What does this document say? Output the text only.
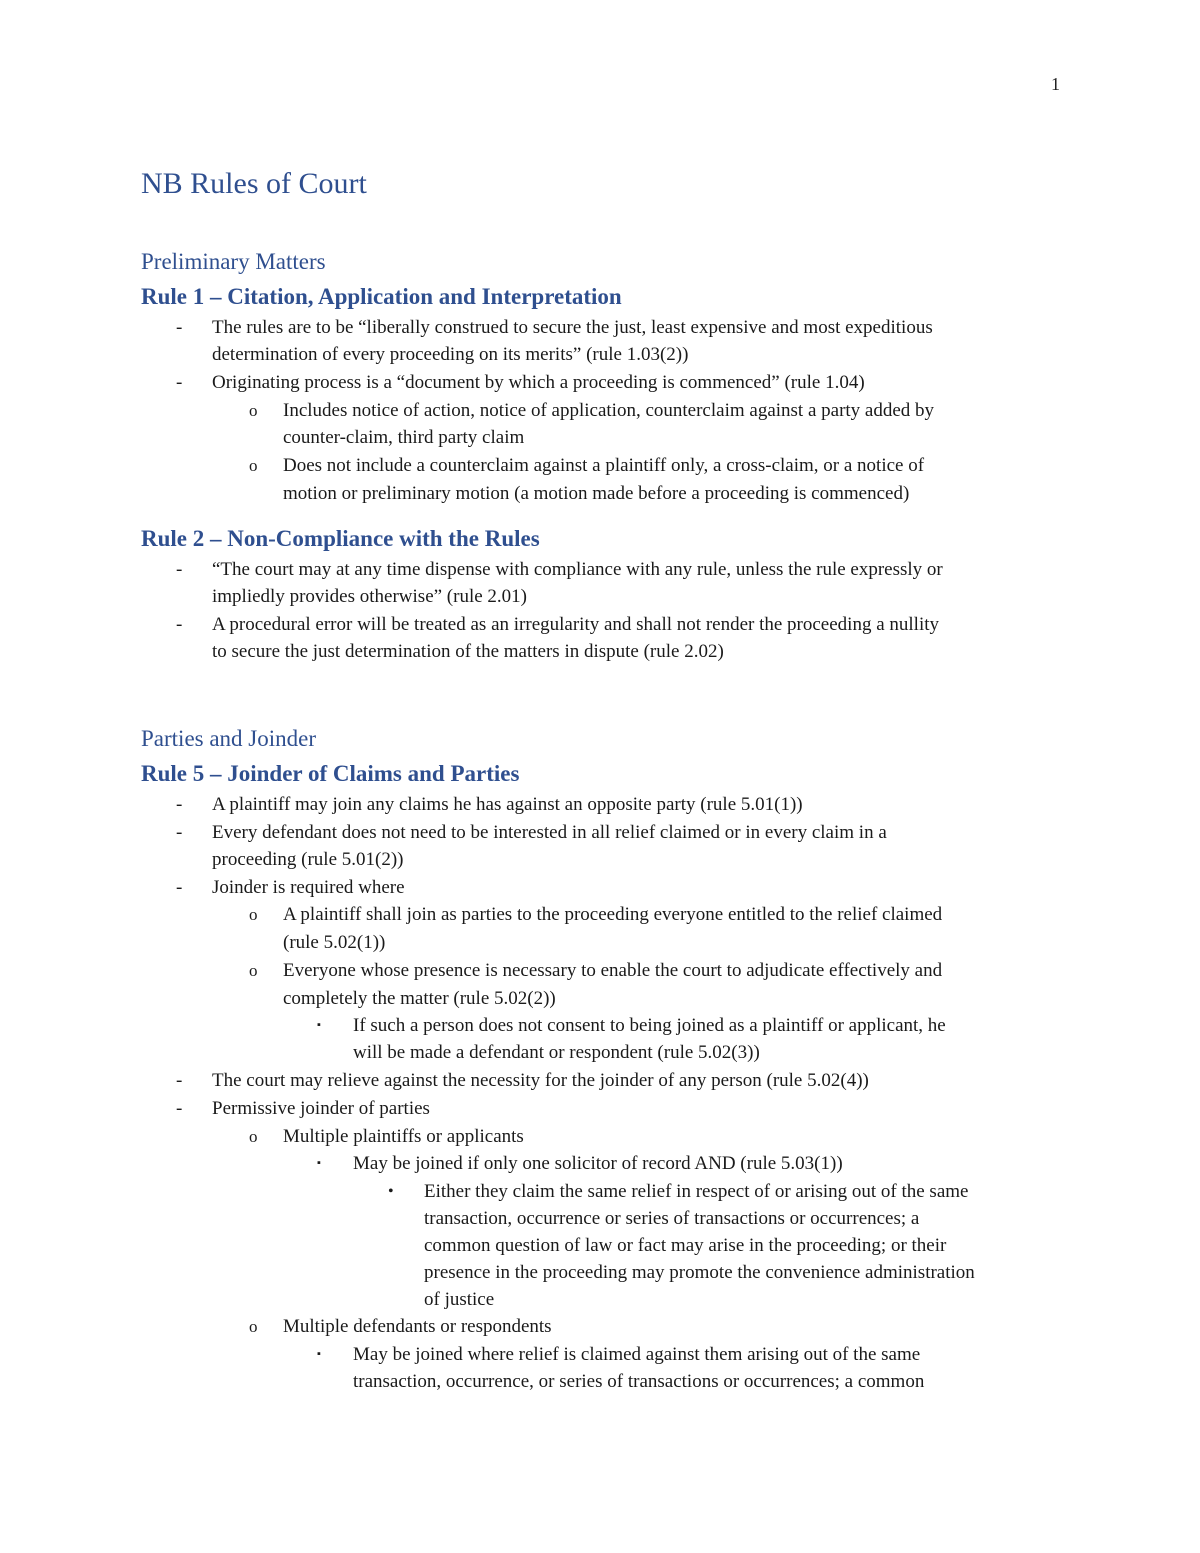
1
NB Rules of Court
Preliminary Matters
Rule 1 – Citation, Application and Interpretation
- The rules are to be “liberally construed to secure the just, least expensive and most expeditious
determination of every proceeding on its merits” (rule 1.03(2))
- Originating process is a “document by which a proceeding is commenced” (rule 1.04)
o Includes notice of action, notice of application, counterclaim against a party added by
counter-claim, third party claim
o Does not include a counterclaim against a plaintiff only, a cross-claim, or a notice of
motion or preliminary motion (a motion made before a proceeding is commenced)
Rule 2 – Non-Compliance with the Rules
- “The court may at any time dispense with compliance with any rule, unless the rule expressly or
impliedly provides otherwise” (rule 2.01)
- A procedural error will be treated as an irregularity and shall not render the proceeding a nullity
to secure the just determination of the matters in dispute (rule 2.02)
Parties and Joinder
Rule 5 – Joinder of Claims and Parties
- A plaintiff may join any claims he has against an opposite party (rule 5.01(1))
- Every defendant does not need to be interested in all relief claimed or in every claim in a
proceeding (rule 5.01(2))
- Joinder is required where
o A plaintiff shall join as parties to the proceeding everyone entitled to the relief claimed
(rule 5.02(1))
o Everyone whose presence is necessary to enable the court to adjudicate effectively and
completely the matter (rule 5.02(2))
▪ If such a person does not consent to being joined as a plaintiff or applicant, he
will be made a defendant or respondent (rule 5.02(3))
- The court may relieve against the necessity for the joinder of any person (rule 5.02(4))
- Permissive joinder of parties
o Multiple plaintiffs or applicants
▪ May be joined if only one solicitor of record AND (rule 5.03(1))
• Either they claim the same relief in respect of or arising out of the same
transaction, occurrence or series of transactions or occurrences; a
common question of law or fact may arise in the proceeding; or their
presence in the proceeding may promote the convenience administration
of justice
o Multiple defendants or respondents
▪ May be joined where relief is claimed against them arising out of the same
transaction, occurrence, or series of transactions or occurrences; a common
